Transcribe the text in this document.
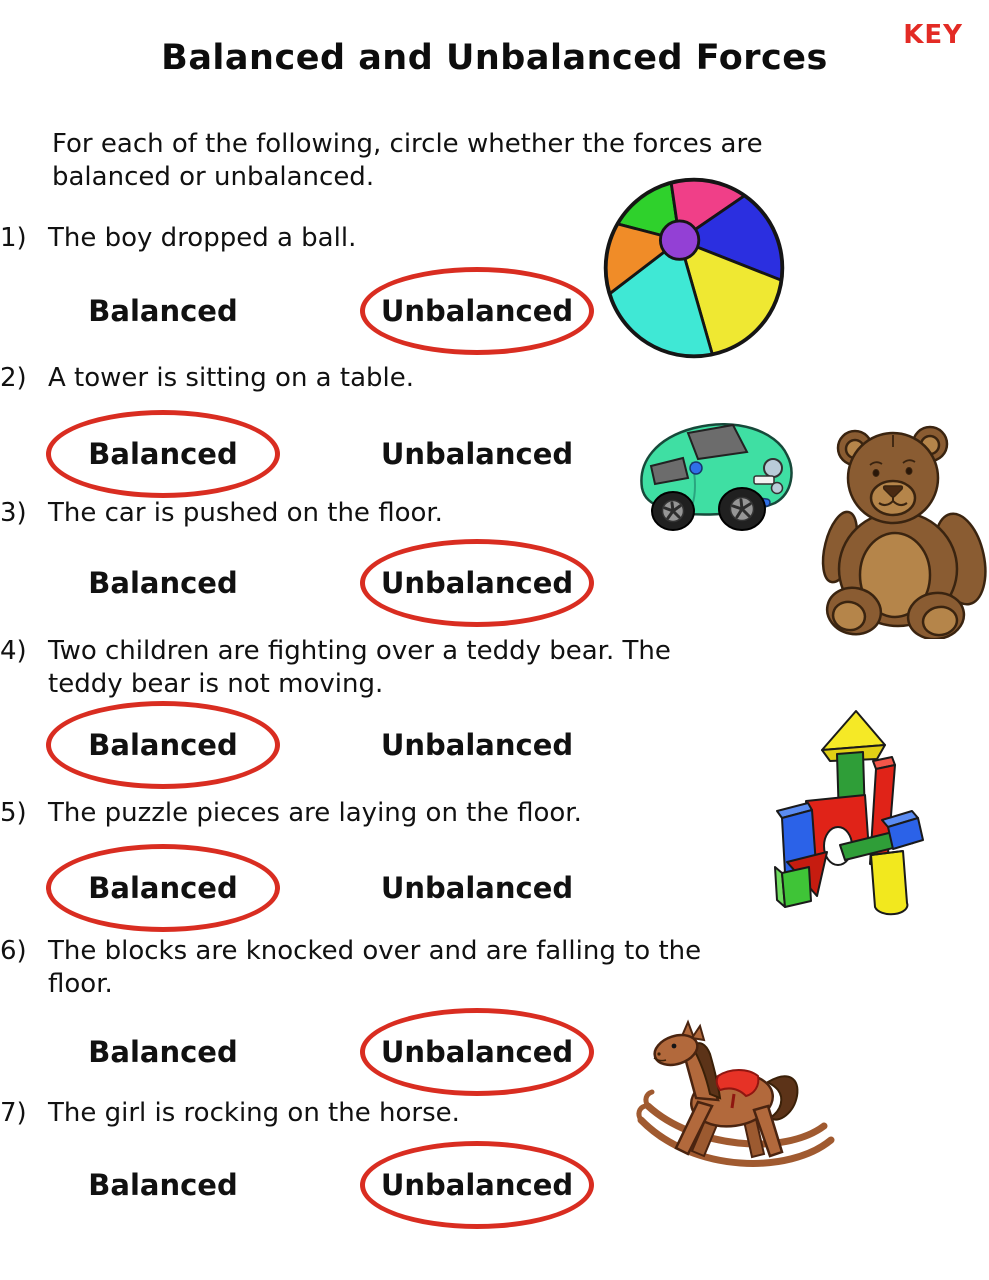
KEY
Balanced and Unbalanced Forces
For each of the following, circle whether the forces are balanced or unbalanced.
1) The boy dropped a ball.
Balanced	Unbalanced
2) A tower is sitting on a table.
Balanced	Unbalanced
3) The car is pushed on the floor.
Balanced	Unbalanced
4) Two children are fighting over a teddy bear. The teddy bear is not moving.
Balanced	Unbalanced
5) The puzzle pieces are laying on the floor.
Balanced	Unbalanced
6) The blocks are knocked over and are falling to the floor.
Balanced	Unbalanced
7) The girl is rocking on the horse.
Balanced	Unbalanced
